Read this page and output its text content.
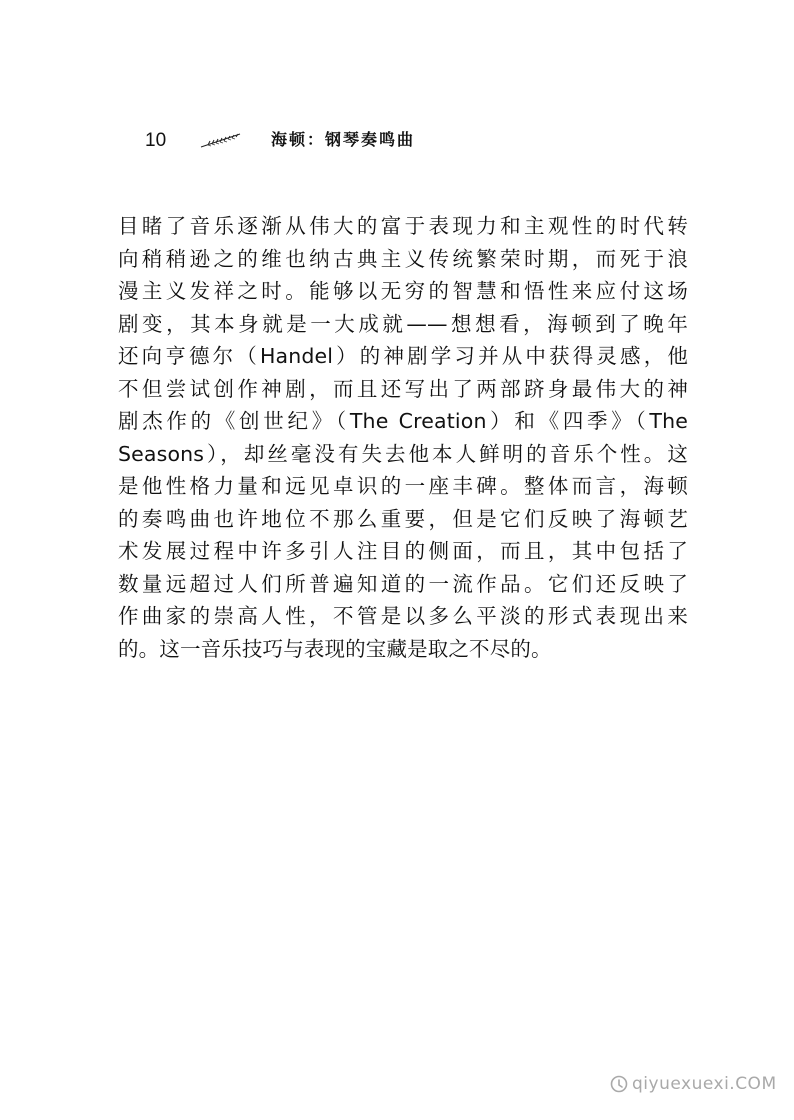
10	海顿：钢琴奏鸣曲
目睹了音乐逐渐从伟大的富于表现力和主观性的时代转
向稍稍逊之的维也纳古典主义传统繁荣时期，而死于浪
漫主义发祥之时。能够以无穷的智慧和悟性来应付这场
剧变，其本身就是一大成就——想想看，海顿到了晚年
还向亨德尔（Handel）的神剧学习并从中获得灵感，他
不但尝试创作神剧，而且还写出了两部跻身最伟大的神
剧杰作的《创世纪》（The Creation）和《四季》（The
Seasons），却丝毫没有失去他本人鲜明的音乐个性。这
是他性格力量和远见卓识的一座丰碑。整体而言，海顿
的奏鸣曲也许地位不那么重要，但是它们反映了海顿艺
术发展过程中许多引人注目的侧面，而且，其中包括了
数量远超过人们所普遍知道的一流作品。它们还反映了
作曲家的崇高人性，不管是以多么平淡的形式表现出来
的。这一音乐技巧与表现的宝藏是取之不尽的。
qiyuexuexi.COM
